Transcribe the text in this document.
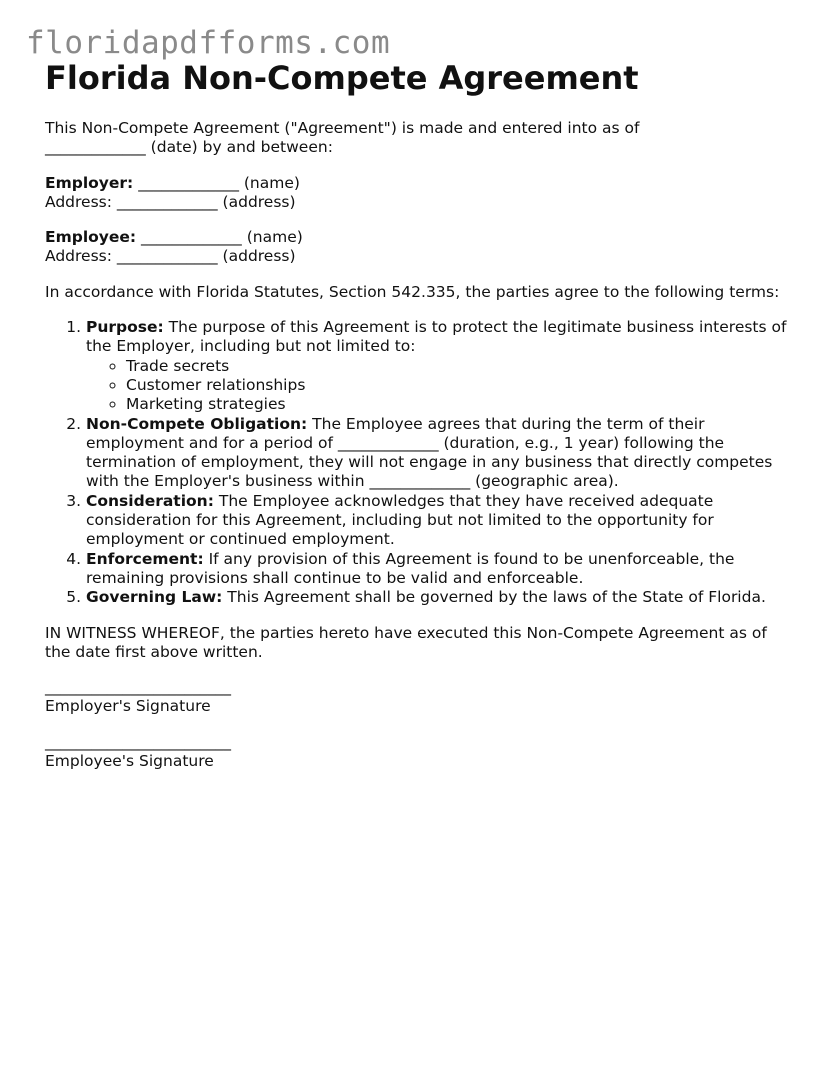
floridapdfforms.com
Florida Non-Compete Agreement

This Non-Compete Agreement ("Agreement") is made and entered into as of
_____________ (date) by and between:

Employer: _____________ (name)
Address: _____________ (address)

Employee: _____________ (name)
Address: _____________ (address)

In accordance with Florida Statutes, Section 542.335, the parties agree to the following terms:

1. Purpose: The purpose of this Agreement is to protect the legitimate business interests of the Employer, including but not limited to:
◦ Trade secrets
◦ Customer relationships
◦ Marketing strategies
2. Non-Compete Obligation: The Employee agrees that during the term of their employment and for a period of _____________ (duration, e.g., 1 year) following the termination of employment, they will not engage in any business that directly competes with the Employer's business within _____________ (geographic area).
3. Consideration: The Employee acknowledges that they have received adequate consideration for this Agreement, including but not limited to the opportunity for employment or continued employment.
4. Enforcement: If any provision of this Agreement is found to be unenforceable, the remaining provisions shall continue to be valid and enforceable.
5. Governing Law: This Agreement shall be governed by the laws of the State of Florida.

IN WITNESS WHEREOF, the parties hereto have executed this Non-Compete Agreement as of the date first above written.

________________________
Employer's Signature
________________________
Employee's Signature
